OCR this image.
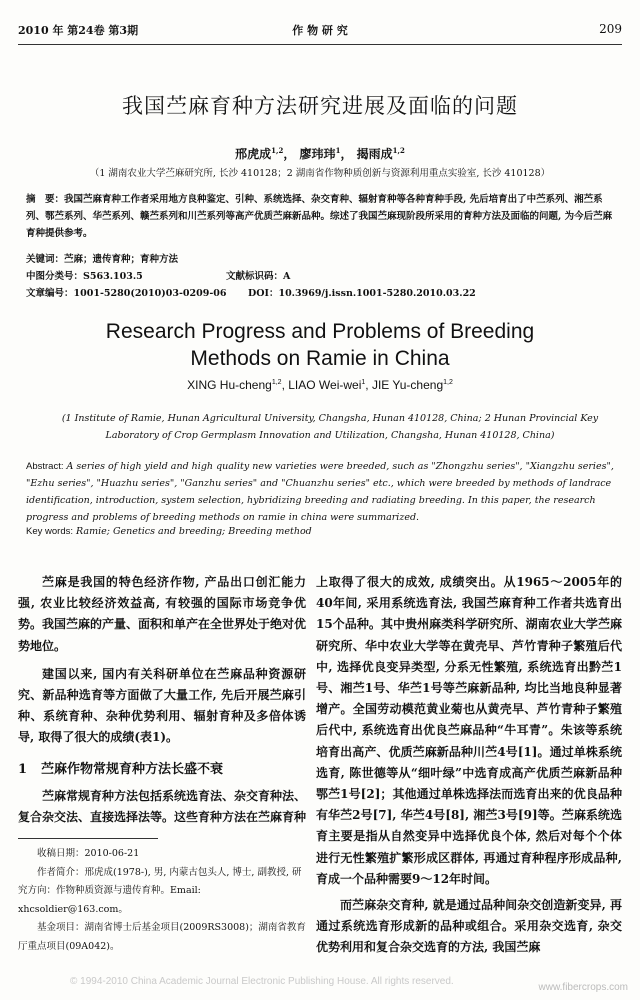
2010 年 第24卷 第3期	作 物 研 究	209
我国苎麻育种方法研究进展及面临的问题
邢虎成$^{1,2}$， 廖玮玮$^1$， 揭雨成$^{1,2}$
（1 湖南农业大学苎麻研究所, 长沙 410128；2 湖南省作物种质创新与资源利用重点实验室, 长沙 410128）
摘　要：我国苎麻育种工作者采用地方良种鉴定、引种、系统选择、杂交育种、辐射育种等各种育种手段, 先后培育出了中苎系列、湘苎系列、鄂苎系列、华苎系列、赣苎系列和川苎系列等高产优质苎麻新品种。综述了我国苎麻现阶段所采用的育种方法及面临的问题, 为今后苎麻育种提供参考。
关键词：苎麻；遗传育种；育种方法
中图分类号：S563.103.5	文献标识码：A
文章编号：1001-5280(2010)03-0209-06 DOI：10.3969/j.issn.1001-5280.2010.03.22
Research Progress and Problems of Breeding
Methods on Ramie in China
XING Hu-cheng$^{1,2}$, LIAO Wei-wei$^1$, JIE Yu-cheng$^{1,2}$
(1 Institute of Ramie, Hunan Agricultural University, Changsha, Hunan 410128, China; 2 Hunan Provincial Key Laboratory of Crop Germplasm Innovation and Utilization, Changsha, Hunan 410128, China)
Abstract: A series of high yield and high quality new varieties were breeded, such as "Zhongzhu series", "Xiangzhu series", "Ezhu series", "Huazhu series", "Ganzhu series" and "Chuanzhu series" etc., which were breeded by methods of landrace identification, introduction, system selection, hybridizing breeding and radiating breeding. In this paper, the research progress and problems of breeding methods on ramie in china were summarized.
Key words: Ramie; Genetics and breeding; Breeding method

苎麻是我国的特色经济作物, 产品出口创汇能力强, 农业比较经济效益高, 有较强的国际市场竞争优势。我国苎麻的产量、面积和单产在全世界处于绝对优势地位。

建国以来, 国内有关科研单位在苎麻品种资源研究、新品种选育等方面做了大量工作, 先后开展苎麻引种、系统育种、杂种优势利用、辐射育种及多倍体诱导, 取得了很大的成绩(表1)。

1 苎麻作物常规育种方法长盛不衰

苎麻常规育种方法包括系统选育法、杂交育种法、复合杂交法、直接选择法等。这些育种方法在苎麻育种

上取得了很大的成效, 成绩突出。从1965～2005年的40年间, 采用系统选育法, 我国苎麻育种工作者共选育出15个品种。其中贵州麻类科学研究所、湖南农业大学苎麻研究所、华中农业大学等在黄壳早、芦竹青种子繁殖后代中, 选择优良变异类型, 分系无性繁殖, 系统选育出黔苎1号、湘苎1号、华苎1号等苎麻新品种, 均比当地良种显著增产。全国劳动模范黄业菊也从黄壳早、芦竹青种子繁殖后代中, 系统选育出优良苎麻品种“牛耳青”。朱该等系统培育出高产、优质苎麻新品种川苎4号[1]。通过单株系统选育, 陈世德等从“细叶绿”中选育成高产优质苎麻新品种鄂苎1号[2]；其他通过单株选择法而选育出来的优良品种有华苎2号[7], 华苎4号[8], 湘苎3号[9]等。苎麻系统选育主要是指从自然变异中选择优良个体, 然后对每个个体进行无性繁殖扩繁形成区群体, 再通过育种程序形成品种, 育成一个品种需要9～12年时间。

而苎麻杂交育种, 就是通过品种间杂交创造新变异, 再通过系统选育形成新的品种或组合。采用杂交选育, 杂交优势利用和复合杂交选育的方法, 我国苎麻

收稿日期：2010-06-21

作者简介：邢虎成(1978-), 男, 内蒙古包头人, 博士, 副教授, 研究方向：作物种质资源与遗传育种。Email: xhcsoldier@163.com。

基金项目：湖南省博士后基金项目(2009RS3008)；湖南省教育厅重点项目(09A042)。

© 1994-2010 China Academic Journal Electronic Publishing House. All rights reserved.
www.fibercrops.com
